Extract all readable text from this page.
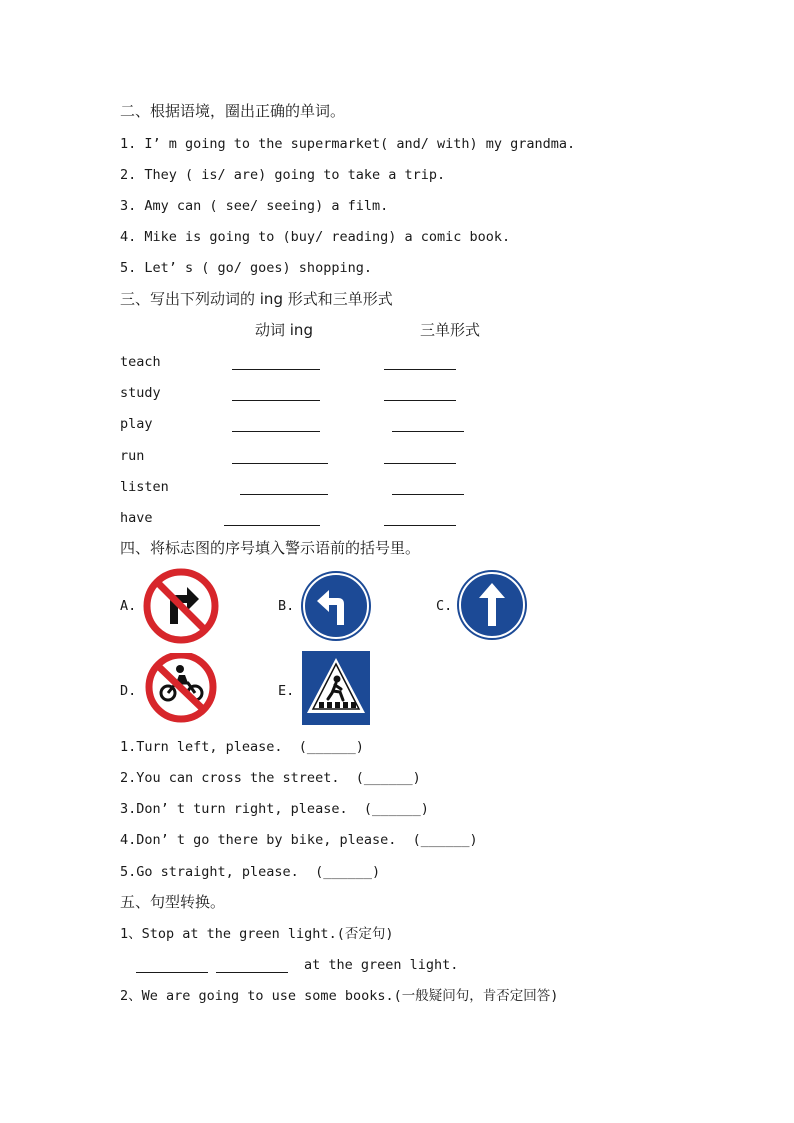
二、根据语境，圈出正确的单词。
1. I’ m going to the supermarket( and/ with) my grandma.
2. They ( is/ are) going to take a trip.
3. Amy can ( see/ seeing) a film.
4. Mike is going to (buy/ reading) a comic book.
5. Let’ s ( go/ goes) shopping.
三、写出下列动词的 ing 形式和三单形式
动词 ing	三单形式
teach
study
play
run
listen
have
四、将标志图的序号填入警示语前的括号里。
A.	B.	C.
D.	E.
1.Turn left, please.  (______)
2.You can cross the street.  (______)
3.Don’ t turn right, please.  (______)
4.Don’ t go there by bike, please.  (______)
5.Go straight, please.  (______)
五、句型转换。
1、Stop at the green light.(否定句)
at the green light.
2、We are going to use some books.(一般疑问句，肯否定回答)
